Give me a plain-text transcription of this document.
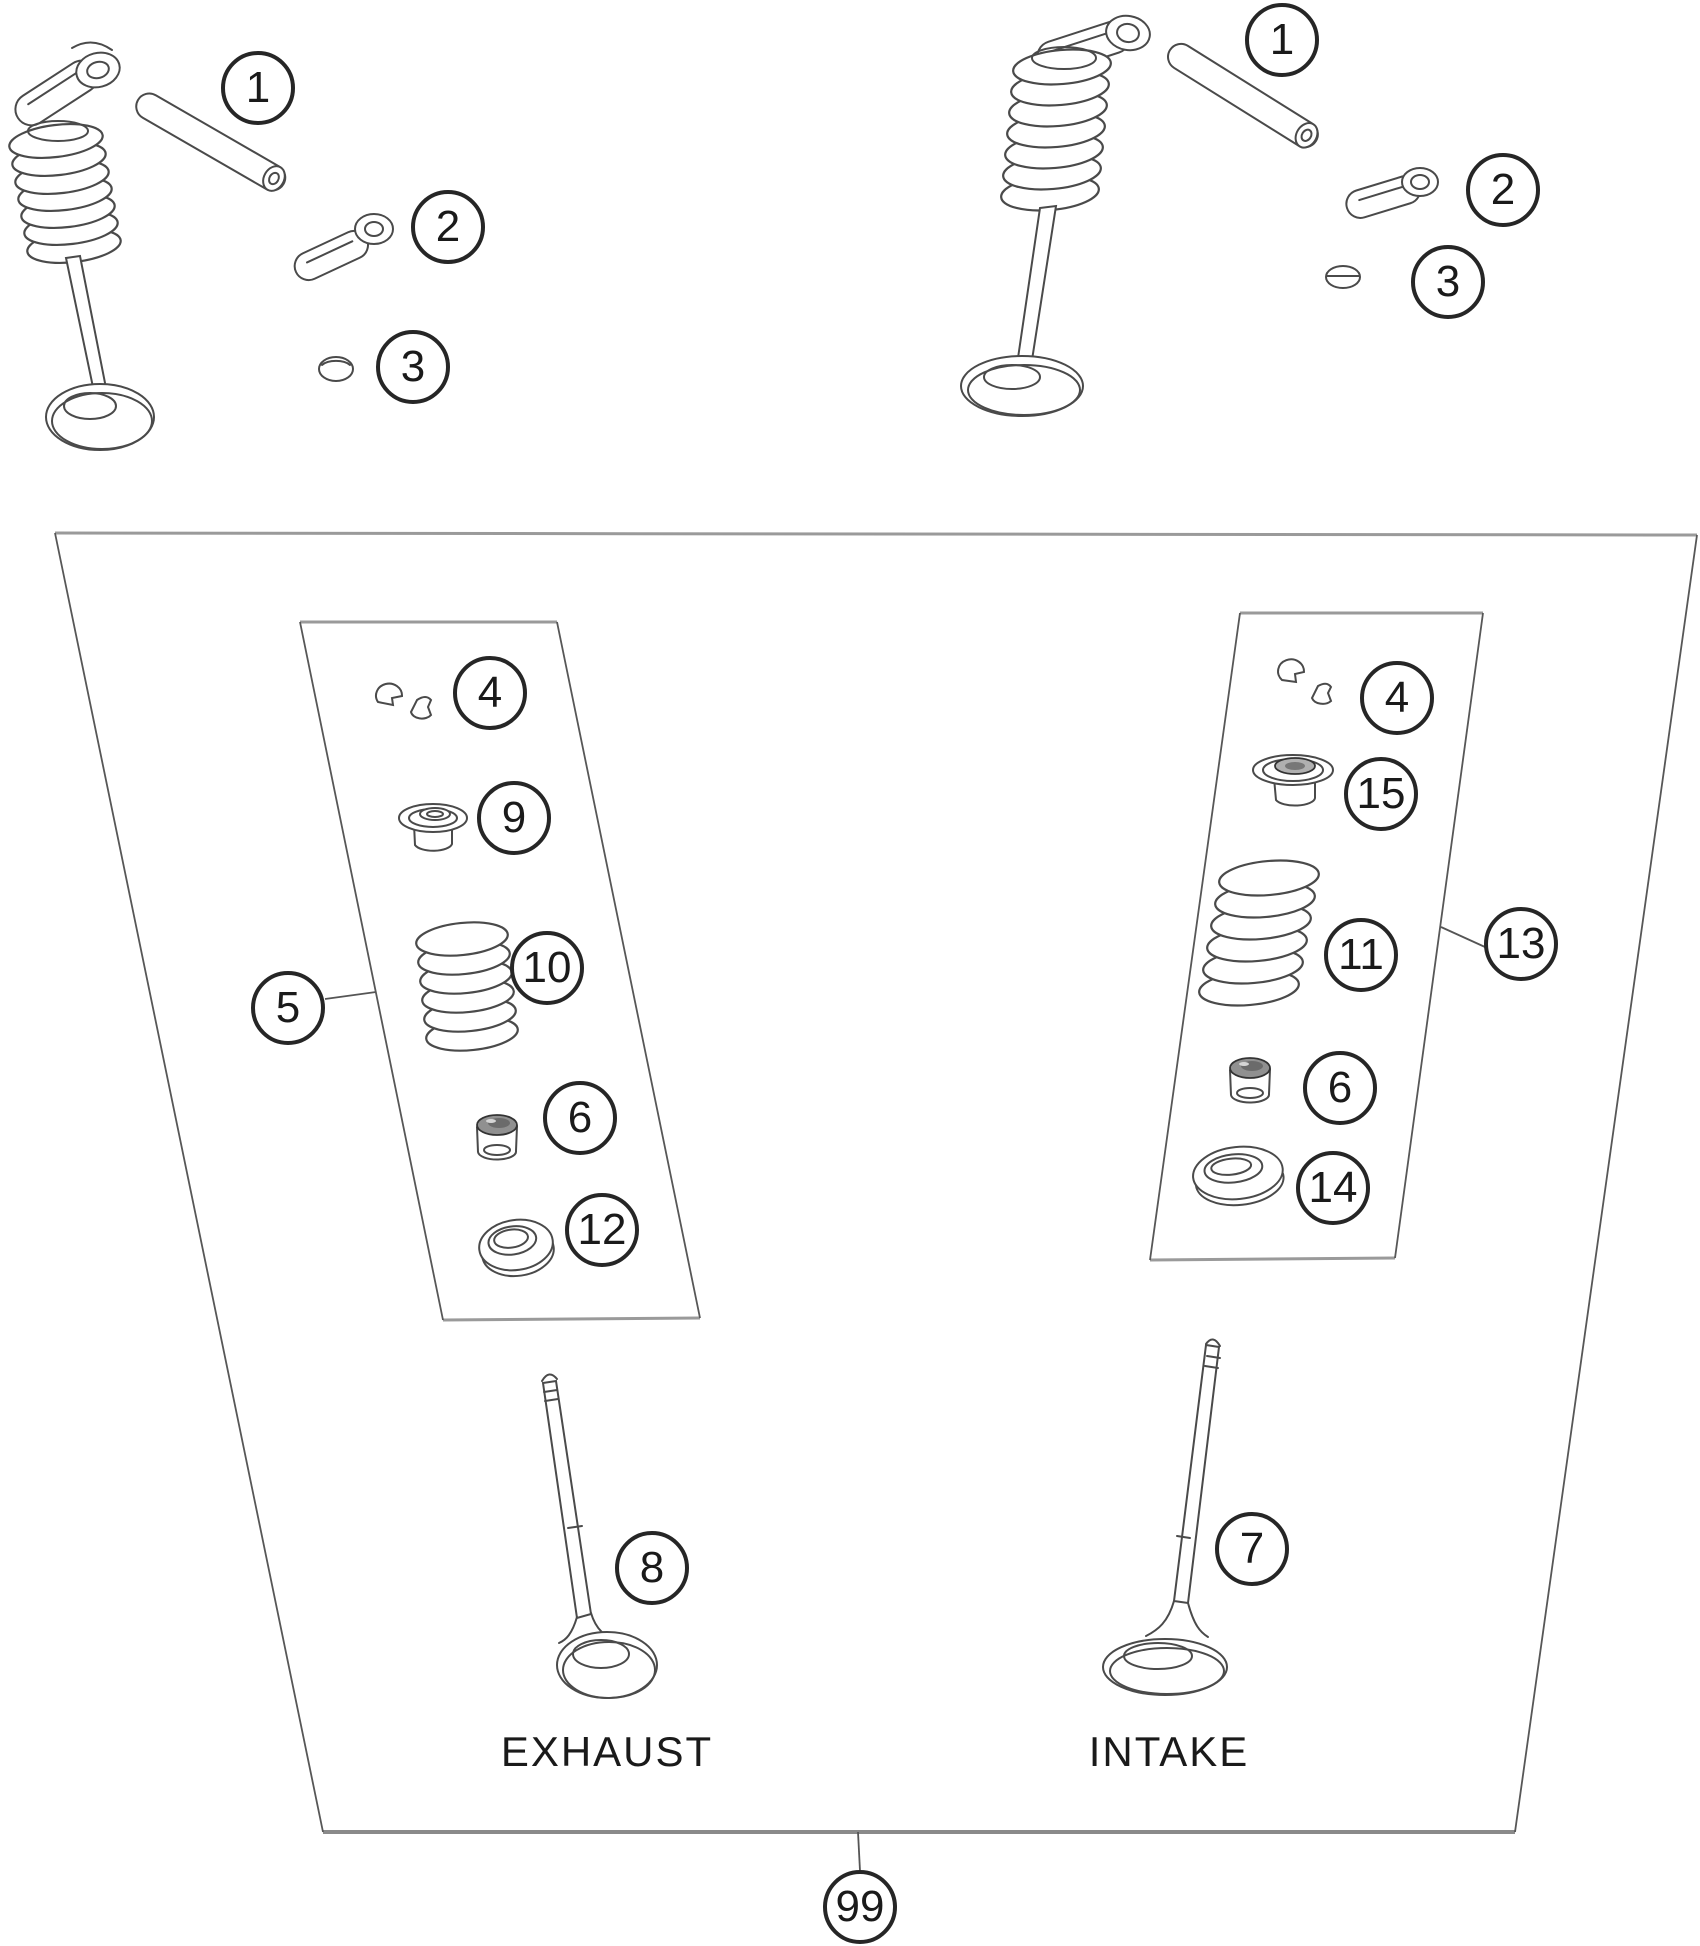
1
2
3
1
2
3
4
9
10
5
6
12
4
15
11	13
6
14
8	7
99
EXHAUST	INTAKE
